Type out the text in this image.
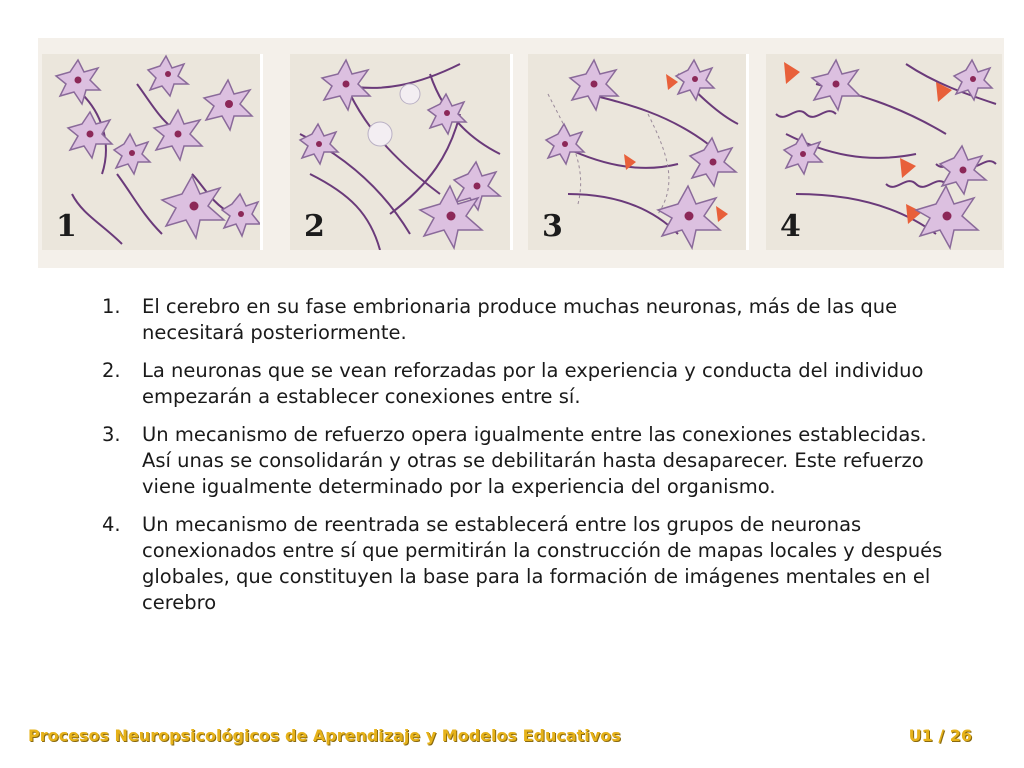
1	2	3	4
1. El cerebro en su fase embrionaria produce muchas neuronas, más de las que necesitará posteriormente.
2. La neuronas que se vean reforzadas por la experiencia y conducta del individuo empezarán a establecer conexiones entre sí.
3. Un mecanismo de refuerzo opera igualmente entre las conexiones establecidas. Así unas se consolidarán y otras se debilitarán hasta desaparecer. Este refuerzo viene igualmente determinado por la experiencia del organismo.
4. Un mecanismo de reentrada se establecerá entre los grupos de neuronas conexionados entre sí que permitirán la construcción de mapas locales y después globales, que constituyen la base para la formación de imágenes mentales en el cerebro
Procesos Neuropsicológicos de Aprendizaje y Modelos Educativos	U1 / 26
